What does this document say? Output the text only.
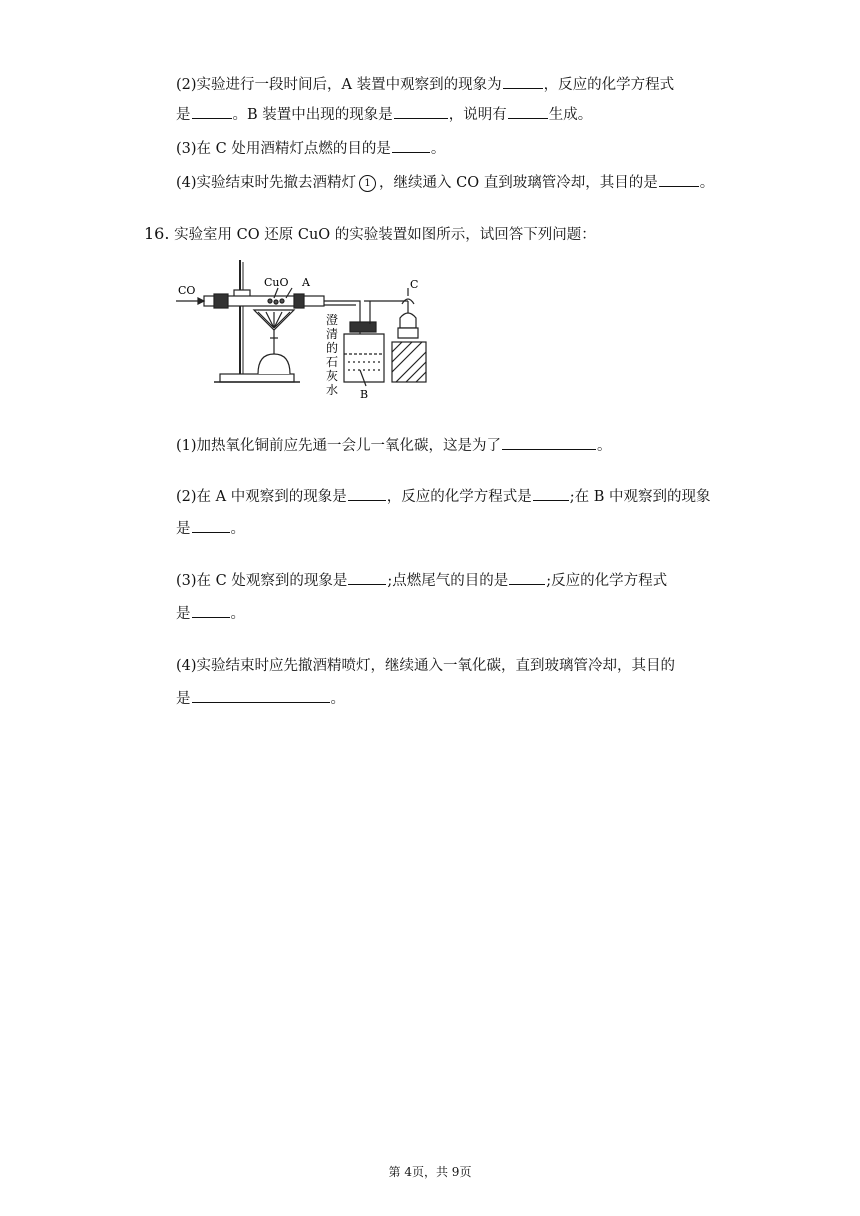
(2)实验进行一段时间后，A 装置中观察到的现象为	，反应的化学方程式
是	。B 装置中出现的现象是	，说明有	生成。
(3)在 C 处用酒精灯点燃的目的是	。
(4)实验结束时先撤去酒精灯 1 ，继续通入 CO 直到玻璃管冷却，其目的是	。
16. 实验室用 CO 还原 CuO 的实验装置如图所示，试回答下列问题：
CO
CuO A	C
B
澄
清
的
石
灰
水
(1)加热氧化铜前应先通一会儿一氧化碳，这是为了	。
(2)在 A 中观察到的现象是	，反应的化学方程式是	;在 B 中观察到的现象
是	。
(3)在 C 处观察到的现象是	;点燃尾气的目的是	;反应的化学方程式
是	。
(4)实验结束时应先撤酒精喷灯，继续通入一氧化碳，直到玻璃管冷却，其目的
是	。
第 4页，共 9页
